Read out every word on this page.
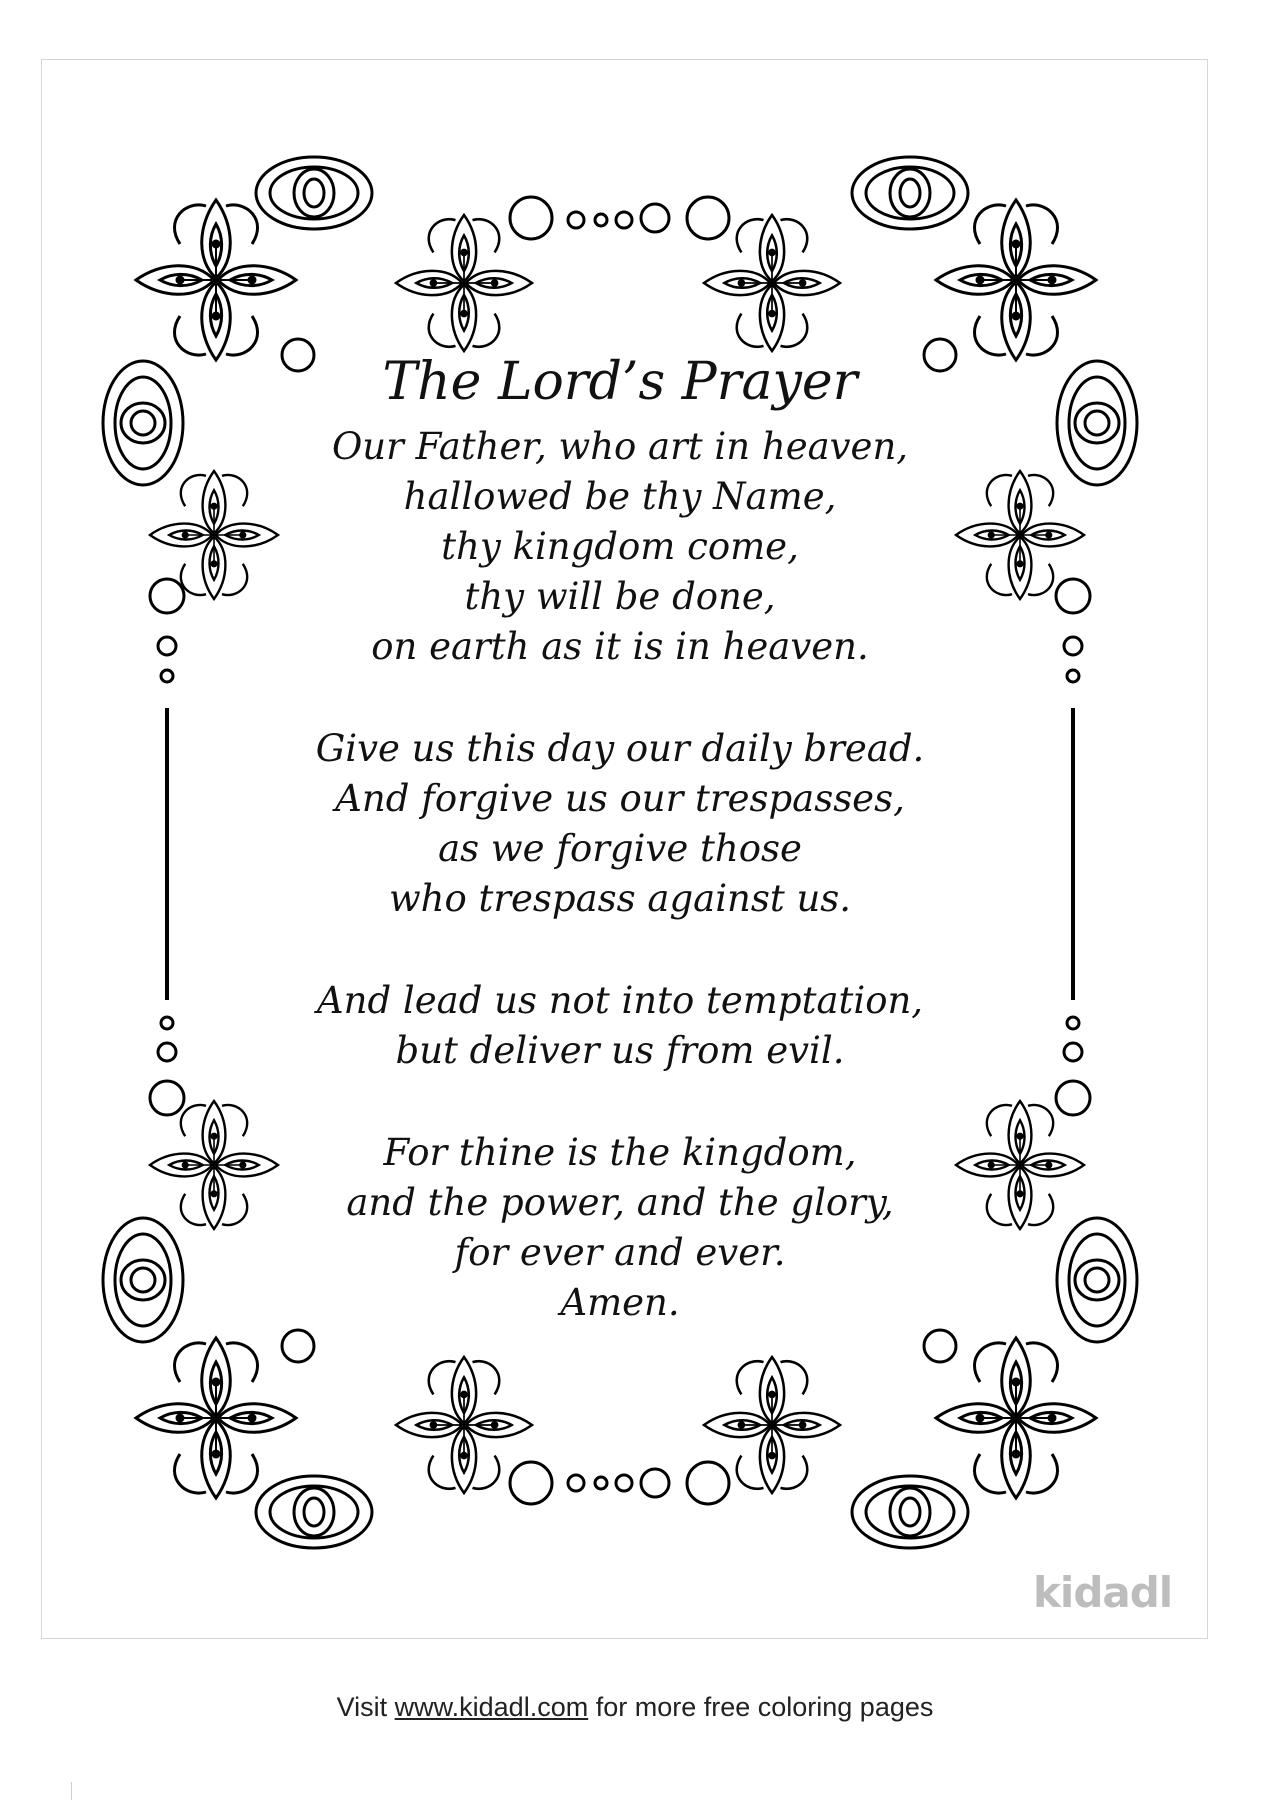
The Lord’s Prayer
Our Father, who art in heaven,
hallowed be thy Name,
thy kingdom come,
thy will be done,
on earth as it is in heaven.
Give us this day our daily bread.
And forgive us our trespasses,
as we forgive those
who trespass against us.
And lead us not into temptation,
but deliver us from evil.
For thine is the kingdom,
and the power, and the glory,
for ever and ever.
Amen.
kidadl
Visit www.kidadl.com for more free coloring pages
